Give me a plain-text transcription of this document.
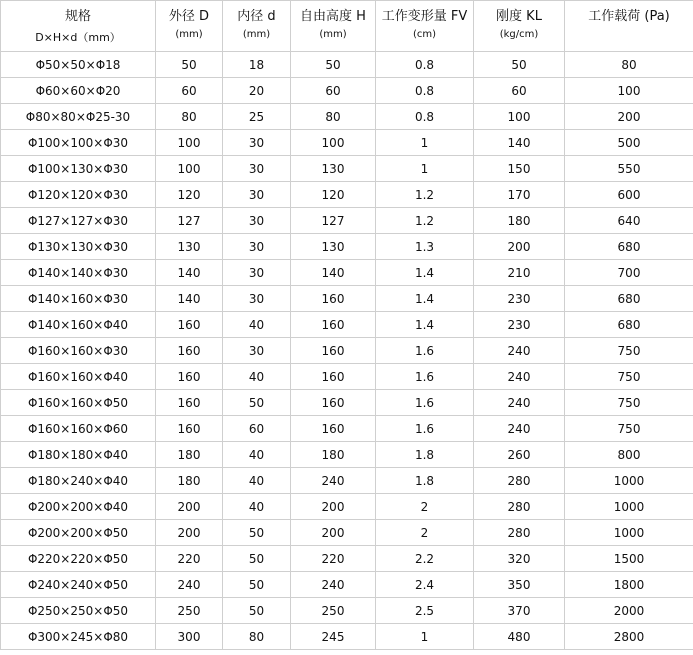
规格	外径 D	内径 d	自由高度 H	工作变形量 FV	刚度 KL	工作载荷 (Pa)
D×H×d（mm）	(mm)	(mm)	(mm)	(cm)	(kg/cm)	
Φ50×50×Φ18	50	18	50	0.8	50	80
Φ60×60×Φ20	60	20	60	0.8	60	100
Φ80×80×Φ25-30	80	25	80	0.8	100	200
Φ100×100×Φ30	100	30	100	1	140	500
Φ100×130×Φ30	100	30	130	1	150	550
Φ120×120×Φ30	120	30	120	1.2	170	600
Φ127×127×Φ30	127	30	127	1.2	180	640
Φ130×130×Φ30	130	30	130	1.3	200	680
Φ140×140×Φ30	140	30	140	1.4	210	700
Φ140×160×Φ30	140	30	160	1.4	230	680
Φ140×160×Φ40	160	40	160	1.4	230	680
Φ160×160×Φ30	160	30	160	1.6	240	750
Φ160×160×Φ40	160	40	160	1.6	240	750
Φ160×160×Φ50	160	50	160	1.6	240	750
Φ160×160×Φ60	160	60	160	1.6	240	750
Φ180×180×Φ40	180	40	180	1.8	260	800
Φ180×240×Φ40	180	40	240	1.8	280	1000
Φ200×200×Φ40	200	40	200	2	280	1000
Φ200×200×Φ50	200	50	200	2	280	1000
Φ220×220×Φ50	220	50	220	2.2	320	1500
Φ240×240×Φ50	240	50	240	2.4	350	1800
Φ250×250×Φ50	250	50	250	2.5	370	2000
Φ300×245×Φ80	300	80	245	1	480	2800
